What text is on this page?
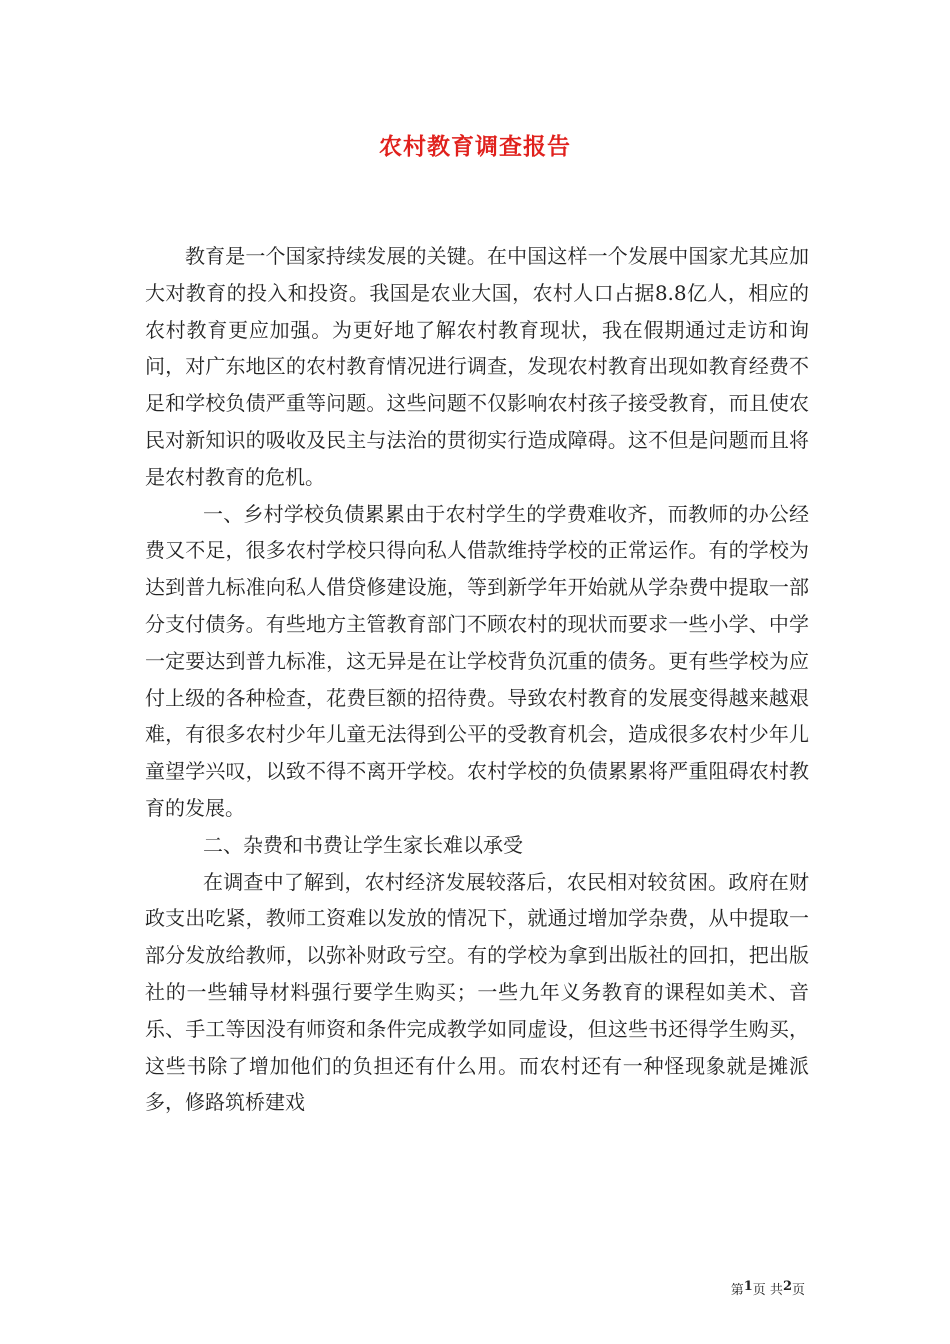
农村教育调查报告

教育是一个国家持续发展的关键。在中国这样一个发展中国家尤其应加大对教育的投入和投资。我国是农业大国，农村人口占据8.8亿人，相应的农村教育更应加强。为更好地了解农村教育现状，我在假期通过走访和询问，对广东地区的农村教育情况进行调查，发现农村教育出现如教育经费不足和学校负债严重等问题。这些问题不仅影响农村孩子接受教育，而且使农民对新知识的吸收及民主与法治的贯彻实行造成障碍。这不但是问题而且将是农村教育的危机。

一、乡村学校负债累累由于农村学生的学费难收齐，而教师的办公经费又不足，很多农村学校只得向私人借款维持学校的正常运作。有的学校为达到普九标准向私人借贷修建设施，等到新学年开始就从学杂费中提取一部分支付债务。有些地方主管教育部门不顾农村的现状而要求一些小学、中学一定要达到普九标准，这无异是在让学校背负沉重的债务。更有些学校为应付上级的各种检查，花费巨额的招待费。导致农村教育的发展变得越来越艰难，有很多农村少年儿童无法得到公平的受教育机会，造成很多农村少年儿童望学兴叹，以致不得不离开学校。农村学校的负债累累将严重阻碍农村教育的发展。

二、杂费和书费让学生家长难以承受

在调查中了解到，农村经济发展较落后，农民相对较贫困。政府在财政支出吃紧，教师工资难以发放的情况下，就通过增加学杂费，从中提取一部分发放给教师，以弥补财政亏空。有的学校为拿到出版社的回扣，把出版社的一些辅导材料强行要学生购买；一些九年义务教育的课程如美术、音乐、手工等因没有师资和条件完成教学如同虚设，但这些书还得学生购买，这些书除了增加他们的负担还有什么用。而农村还有一种怪现象就是摊派多，修路筑桥建戏

第 1 页 共 2 页
